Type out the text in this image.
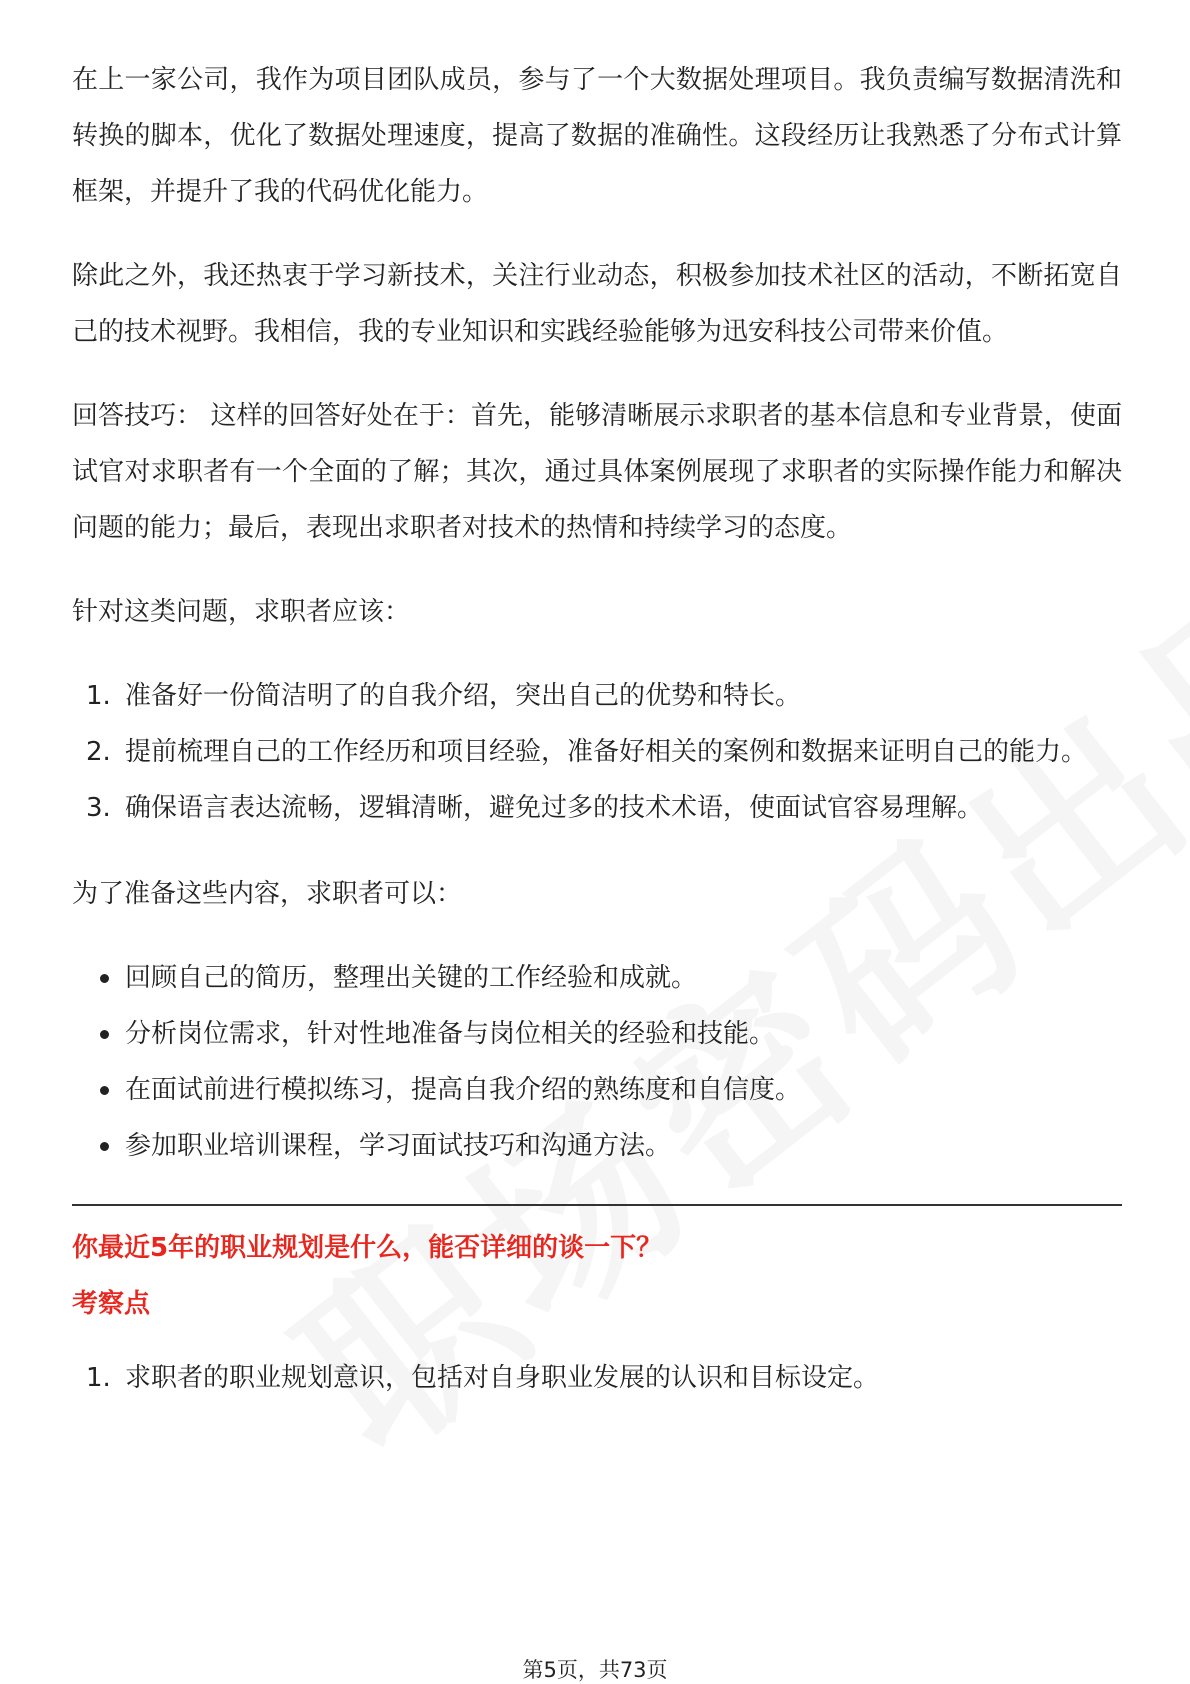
在上一家公司，我作为项目团队成员，参与了一个大数据处理项目。我负责编写数据清洗和转换的脚本，优化了数据处理速度，提高了数据的准确性。这段经历让我熟悉了分布式计算框架，并提升了我的代码优化能力。

除此之外，我还热衷于学习新技术，关注行业动态，积极参加技术社区的活动，不断拓宽自己的技术视野。我相信，我的专业知识和实践经验能够为迅安科技公司带来价值。

回答技巧： 这样的回答好处在于：首先，能够清晰展示求职者的基本信息和专业背景，使面试官对求职者有一个全面的了解；其次，通过具体案例展现了求职者的实际操作能力和解决问题的能力；最后，表现出求职者对技术的热情和持续学习的态度。

针对这类问题，求职者应该：

1. 准备好一份简洁明了的自我介绍，突出自己的优势和特长。
2. 提前梳理自己的工作经历和项目经验，准备好相关的案例和数据来证明自己的能力。
3. 确保语言表达流畅，逻辑清晰，避免过多的技术术语，使面试官容易理解。

为了准备这些内容，求职者可以：

回顾自己的简历，整理出关键的工作经验和成就。
分析岗位需求，针对性地准备与岗位相关的经验和技能。
在面试前进行模拟练习，提高自我介绍的熟练度和自信度。
参加职业培训课程，学习面试技巧和沟通方法。
你最近5年的职业规划是什么，能否详细的谈一下？
考察点
1. 求职者的职业规划意识，包括对自身职业发展的认识和目标设定。
第5页，共73页
